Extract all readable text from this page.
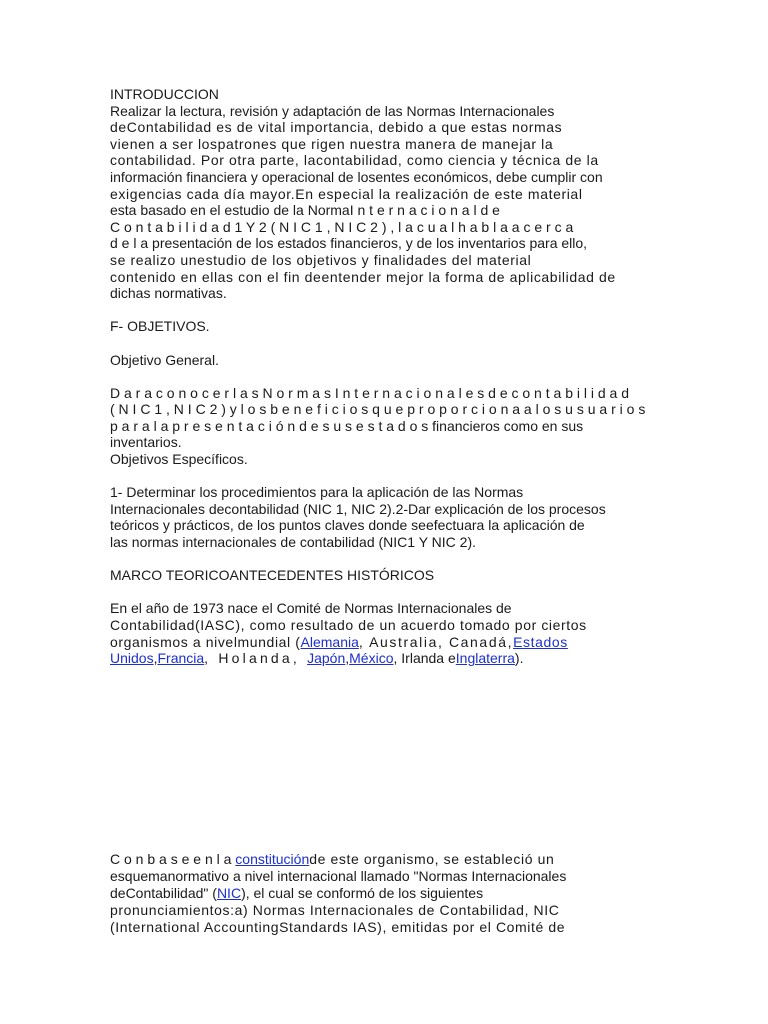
INTRODUCCION
Realizar la lectura, revisión y adaptación de las Normas Internacionales
deContabilidad es de vital importancia, debido a que estas normas
vienen a ser lospatrones que rigen nuestra manera de manejar la
contabilidad. Por otra parte, lacontabilidad, como ciencia y técnica de la
información financiera y operacional de losentes económicos, debe cumplir con
exigencias cada día mayor.En especial la realización de este material
esta basado en el estudio de la NormaI n t e r n a c i o n a l d e
C o n t a b i l i d a d 1 Y 2 ( N I C 1 , N I C 2 ) , l a c u a l h a b l a a c e r c a
d e l a presentación de los estados financieros, y de los inventarios para ello,
se realizo unestudio de los objetivos y finalidades del material
contenido en ellas con el fin deentender mejor la forma de aplicabilidad de
dichas normativas.
F- OBJETIVOS.
Objetivo General.
D a r a c o n o c e r l a s N o r m a s I n t e r n a c i o n a l e s d e c o n t a b i l i d a d
( N I C 1 , N I C 2 ) y l o s b e n e f i c i o s q u e p r o p o r c i o n a a l o s u s u a r i o s
p a r a l a p r e s e n t a c i ó n d e s u s e s t a d o s financieros como en sus
inventarios.
Objetivos Específicos.
1- Determinar los procedimientos para la aplicación de las Normas
Internacionales decontabilidad (NIC 1, NIC 2).2-Dar explicación de los procesos
teóricos y prácticos, de los puntos claves donde seefectuara la aplicación de
las normas internacionales de contabilidad (NIC1 Y NIC 2).
MARCO TEORICOANTECEDENTES HISTÓRICOS
En el año de 1973 nace el Comité de Normas Internacionales de
Contabilidad(IASC), como resultado de un acuerdo tomado por ciertos
organismos a nivelmundial (Alemania, Australia, Canadá,Estados
Unidos,Francia, Holanda, Japón,México, Irlanda eInglaterra).
C o n b a s e e n l a constituciónde este organismo, se estableció un
esquemanormativo a nivel internacional llamado "Normas Internacionales
deContabilidad" (NIC), el cual se conformó de los siguientes
pronunciamientos:a) Normas Internacionales de Contabilidad, NIC
(International AccountingStandards IAS), emitidas por el Comité de
